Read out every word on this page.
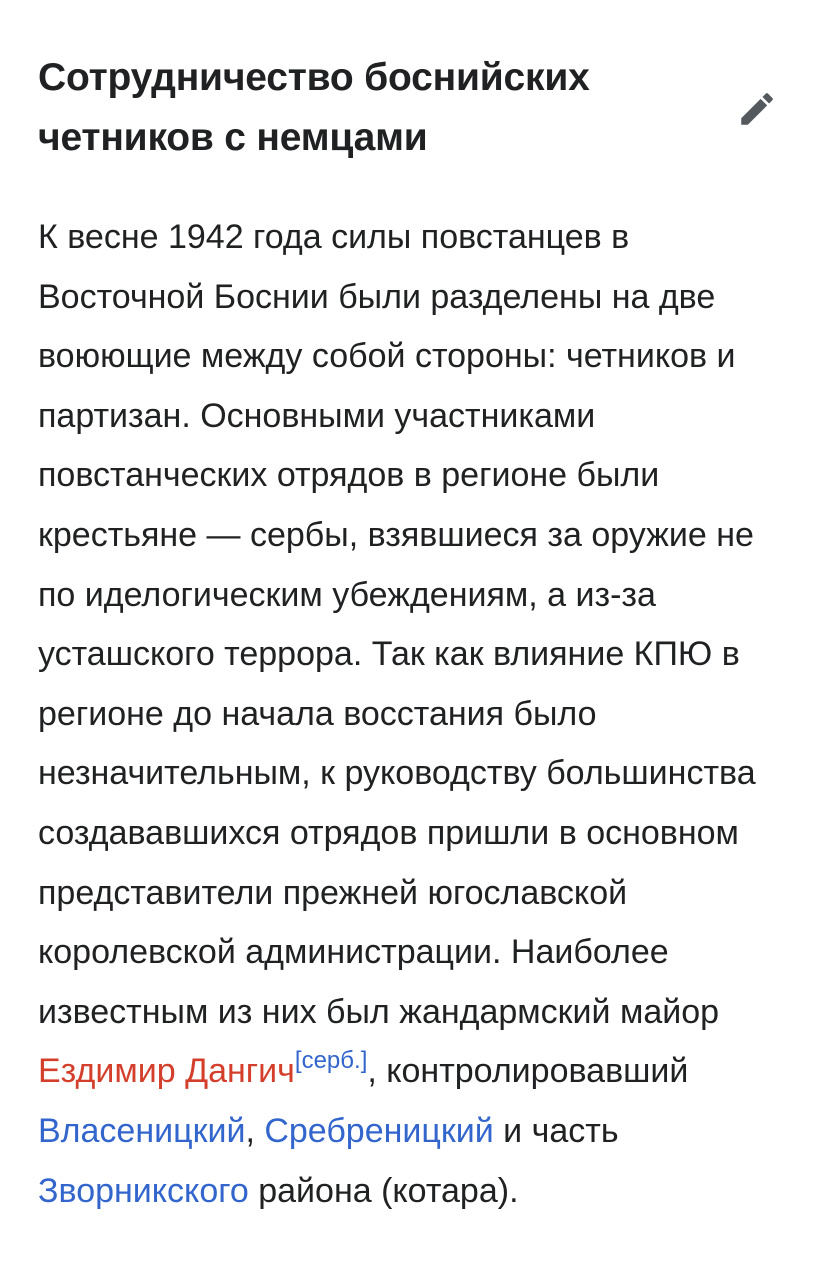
Сотрудничество боснийских
четников с немцами

К весне 1942 года силы повстанцев в Восточной Боснии были разделены на две воюющие между собой стороны: четников и партизан. Основными участниками повстанческих отрядов в регионе были крестьяне — сербы, взявшиеся за оружие не по иделогическим убеждениям, а из-за усташского террора. Так как влияние КПЮ в регионе до начала восстания было незначительным, к руководству большинства создававшихся отрядов пришли в основном представители прежней югославской королевской администрации. Наиболее известным из них был жандармский майор Ездимир Дангич[серб.], контролировавший Власеницкий, Сребреницкий и часть Зворникского района (котара).
